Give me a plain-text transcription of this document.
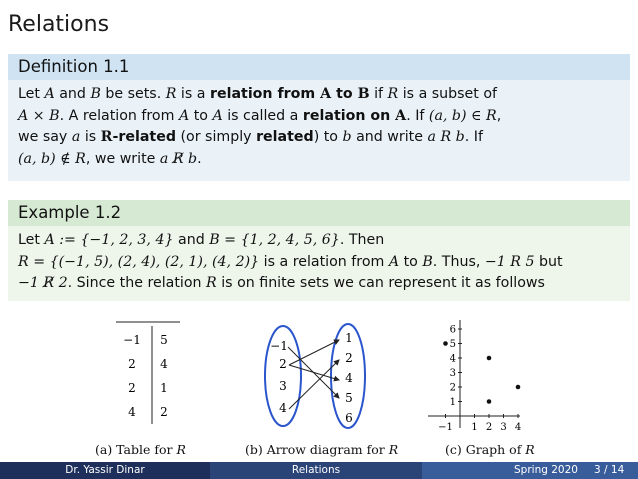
Relations
Definition 1.1
Let A and B be sets. R is a relation from A to B if R is a subset of
A × B. A relation from A to A is called a relation on A. If (a, b) ∈ R,
we say a is R-related (or simply related) to b and write a R b. If
(a, b) ∉ R, we write a R̸ b.
Example 1.2
Let A := {−1, 2, 3, 4} and B = {1, 2, 4, 5, 6}. Then
R = {(−1, 5), (2, 4), (2, 1), (4, 2)} is a relation from A to B. Thus, −1 R 5 but
−1 R̸ 2. Since the relation R is on finite sets we can represent it as follows
−1 5
2 4
2 1
4 2
(a) Table for R
−1
2
3
4
1
2
4
5
6
(b) Arrow diagram for R
−1 1 2 3 4
1
2
3
4
5
6
(c) Graph of R
Dr. Yassir Dinar	Relations	Spring 2020 3 / 14
